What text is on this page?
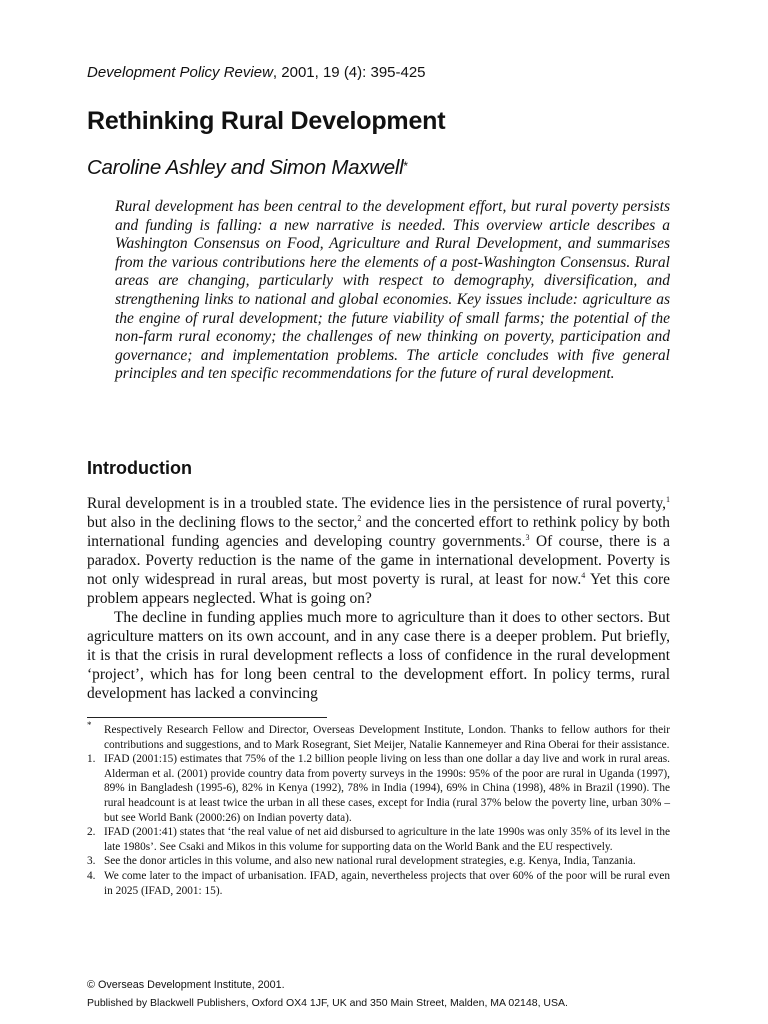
Development Policy Review, 2001, 19 (4): 395-425
Rethinking Rural Development
Caroline Ashley and Simon Maxwell*

Rural development has been central to the development effort, but rural poverty persists and funding is falling: a new narrative is needed. This overview article describes a Washington Consensus on Food, Agriculture and Rural Development, and summarises from the various contributions here the elements of a post-Washington Consensus. Rural areas are changing, particularly with respect to demography, diversification, and strengthening links to national and global economies. Key issues include: agriculture as the engine of rural development; the future viability of small farms; the potential of the non-farm rural economy; the challenges of new thinking on poverty, participation and governance; and implementation problems. The article concludes with five general principles and ten specific recommendations for the future of rural development.

Introduction

Rural development is in a troubled state. The evidence lies in the persistence of rural poverty,$^1$ but also in the declining flows to the sector,$^2$ and the concerted effort to rethink policy by both international funding agencies and developing country governments.$^3$ Of course, there is a paradox. Poverty reduction is the name of the game in international development. Poverty is not only widespread in rural areas, but most poverty is rural, at least for now.$^4$ Yet this core problem appears neglected. What is going on?

The decline in funding applies much more to agriculture than it does to other sectors. But agriculture matters on its own account, and in any case there is a deeper problem. Put briefly, it is that the crisis in rural development reflects a loss of confidence in the rural development ‘project’, which has for long been central to the development effort. In policy terms, rural development has lacked a convincing

*	Respectively Research Fellow and Director, Overseas Development Institute, London. Thanks to fellow authors for their contributions and suggestions, and to Mark Rosegrant, Siet Meijer, Natalie Kannemeyer and Rina Oberai for their assistance.
1. IFAD (2001:15) estimates that 75% of the 1.2 billion people living on less than one dollar a day live and work in rural areas. Alderman et al. (2001) provide country data from poverty surveys in the 1990s: 95% of the poor are rural in Uganda (1997), 89% in Bangladesh (1995-6), 82% in Kenya (1992), 78% in India (1994), 69% in China (1998), 48% in Brazil (1990). The rural headcount is at least twice the urban in all these cases, except for India (rural 37% below the poverty line, urban 30% – but see World Bank (2000:26) on Indian poverty data).
2. IFAD (2001:41) states that ‘the real value of net aid disbursed to agriculture in the late 1990s was only 35% of its level in the late 1980s’. See Csaki and Mikos in this volume for supporting data on the World Bank and the EU respectively.
3. See the donor articles in this volume, and also new national rural development strategies, e.g. Kenya, India, Tanzania.
4. We come later to the impact of urbanisation. IFAD, again, nevertheless projects that over 60% of the poor will be rural even in 2025 (IFAD, 2001: 15).
© Overseas Development Institute, 2001.
Published by Blackwell Publishers, Oxford OX4 1JF, UK and 350 Main Street, Malden, MA 02148, USA.
